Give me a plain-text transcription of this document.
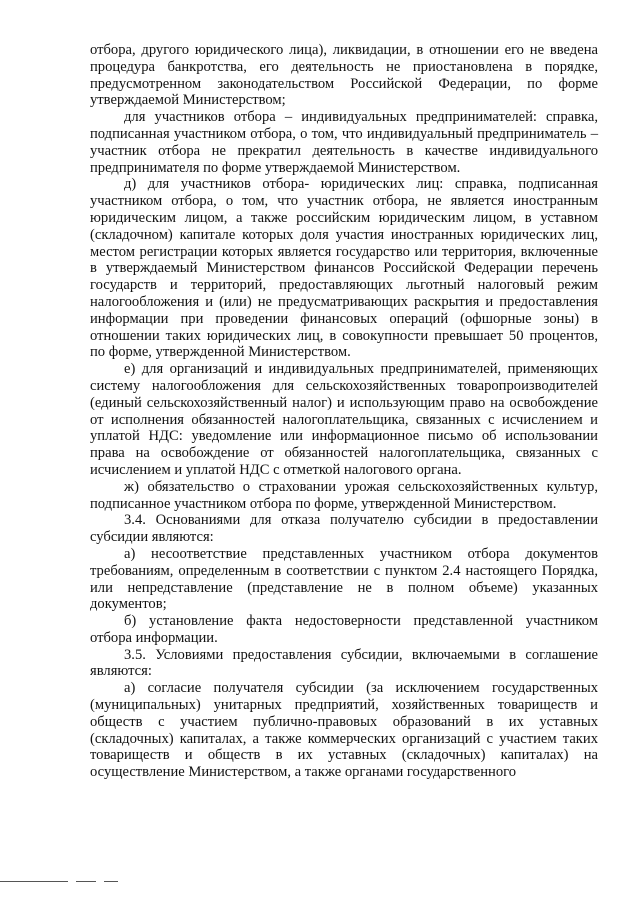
отбора, другого юридического лица), ликвидации, в отношении его не введена процедура банкротства, его деятельность не приостановлена в порядке, предусмотренном законодательством Российской Федерации, по форме утверждаемой Министерством;

для участников отбора – индивидуальных предпринимателей: справка, подписанная участником отбора, о том, что индивидуальный предприниматель – участник отбора не прекратил деятельность в качестве индивидуального предпринимателя по форме утверждаемой Министерством.

д) для участников отбора- юридических лиц: справка, подписанная участником отбора, о том, что участник отбора, не является иностранным юридическим лицом, а также российским юридическим лицом, в уставном (складочном) капитале которых доля участия иностранных юридических лиц, местом регистрации которых является государство или территория, включенные в утверждаемый Министерством финансов Российской Федерации перечень государств и территорий, предоставляющих льготный налоговый режим налогообложения и (или) не предусматривающих раскрытия и предоставления информации при проведении финансовых операций (офшорные зоны) в отношении таких юридических лиц, в совокупности превышает 50 процентов, по форме, утвержденной Министерством.

е) для организаций и индивидуальных предпринимателей, применяющих систему налогообложения для сельскохозяйственных товаропроизводителей (единый сельскохозяйственный налог) и использующим право на освобождение от исполнения обязанностей налогоплательщика, связанных с исчислением и уплатой НДС: уведомление или информационное письмо об использовании права на освобождение от обязанностей налогоплательщика, связанных с исчислением и уплатой НДС с отметкой налогового органа.

ж) обязательство о страховании урожая сельскохозяйственных культур, подписанное участником отбора по форме, утвержденной Министерством.

3.4. Основаниями для отказа получателю субсидии в предоставлении субсидии являются:

а) несоответствие представленных участником отбора документов требованиям, определенным в соответствии с пунктом 2.4 настоящего Порядка, или непредставление (представление не в полном объеме) указанных документов;

б) установление факта недостоверности представленной участником отбора информации.

3.5. Условиями предоставления субсидии, включаемыми в соглашение являются:

а) согласие получателя субсидии (за исключением государственных (муниципальных) унитарных предприятий, хозяйственных товариществ и обществ с участием публично-правовых образований в их уставных (складочных) капиталах, а также коммерческих организаций с участием таких товариществ и обществ в их уставных (складочных) капиталах) на осуществление Министерством, а также органами государственного
